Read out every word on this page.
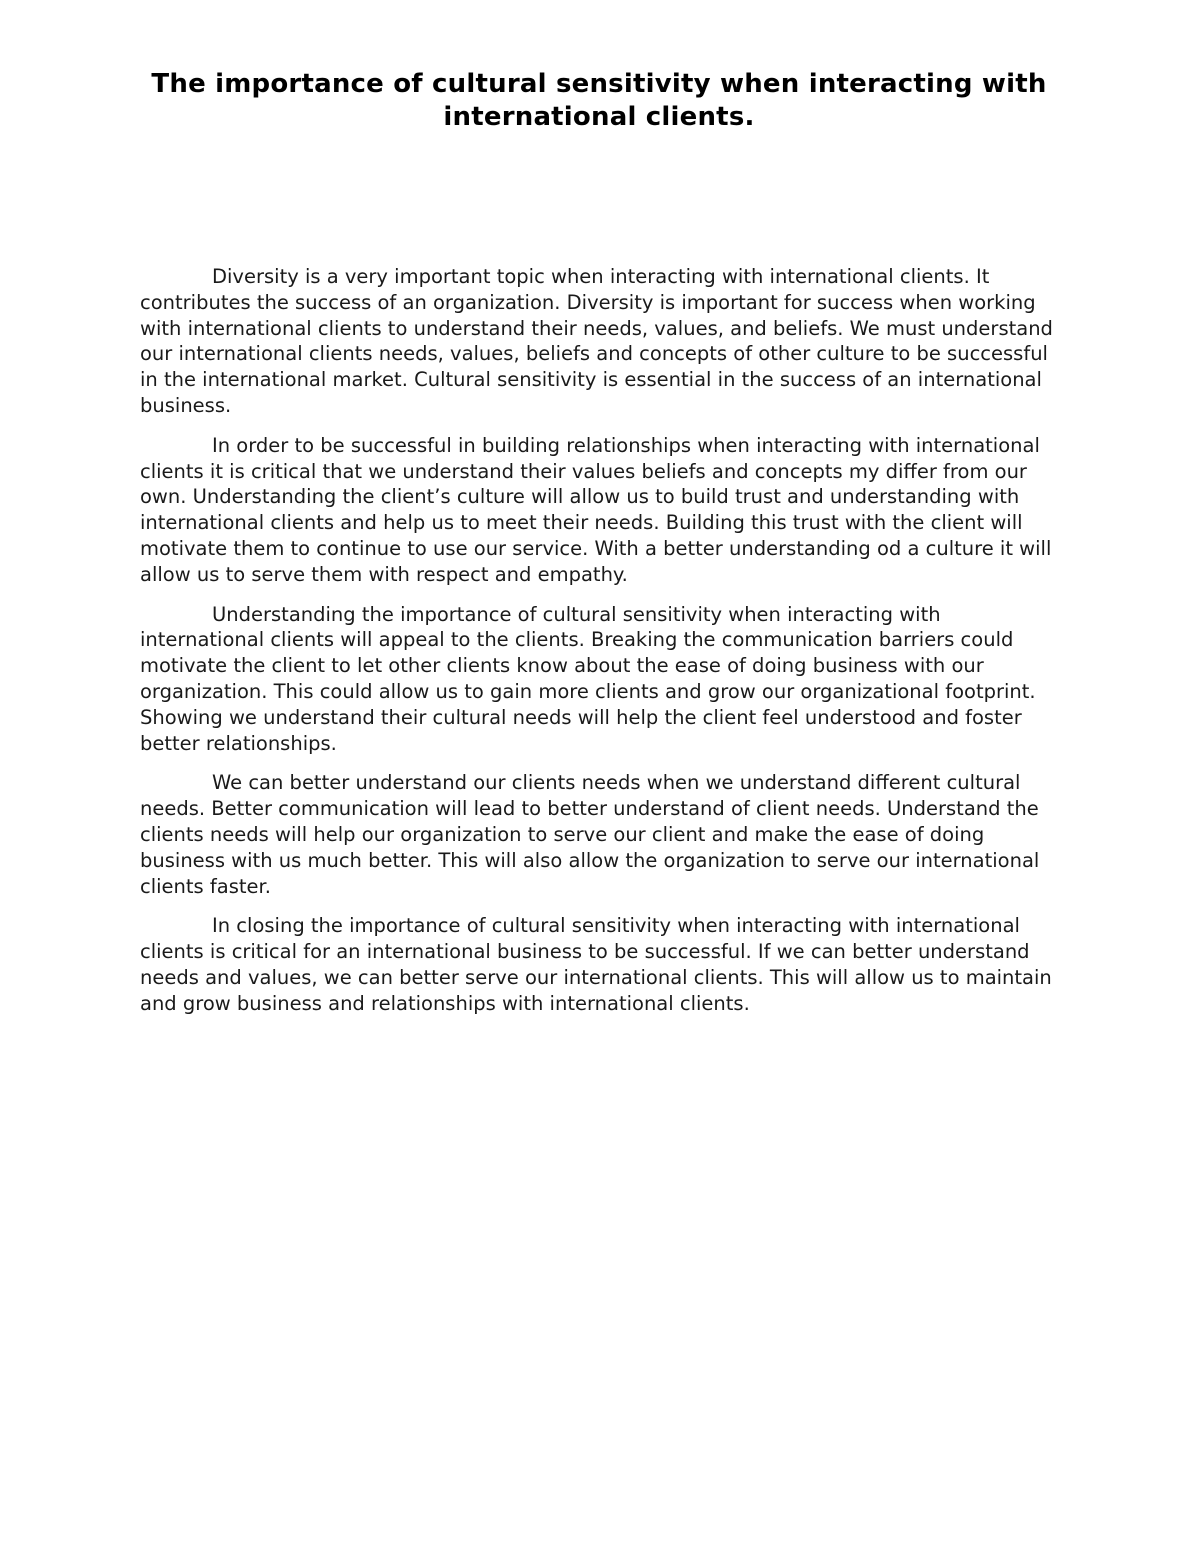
The importance of cultural sensitivity when interacting with international clients.

Diversity is a very important topic when interacting with international clients. It contributes the success of an organization. Diversity is important for success when working with international clients to understand their needs, values, and beliefs. We must understand our international clients needs, values, beliefs and concepts of other culture to be successful in the international market. Cultural sensitivity is essential in the success of an international business.

In order to be successful in building relationships when interacting with international clients it is critical that we understand their values beliefs and concepts my differ from our own. Understanding the client’s culture will allow us to build trust and understanding with international clients and help us to meet their needs. Building this trust with the client will motivate them to continue to use our service. With a better understanding od a culture it will allow us to serve them with respect and empathy.

Understanding the importance of cultural sensitivity when interacting with international clients will appeal to the clients. Breaking the communication barriers could motivate the client to let other clients know about the ease of doing business with our organization. This could allow us to gain more clients and grow our organizational footprint. Showing we understand their cultural needs will help the client feel understood and foster better relationships.

We can better understand our clients needs when we understand different cultural needs. Better communication will lead to better understand of client needs. Understand the clients needs will help our organization to serve our client and make the ease of doing business with us much better. This will also allow the organization to serve our international clients faster.

In closing the importance of cultural sensitivity when interacting with international clients is critical for an international business to be successful. If we can better understand needs and values, we can better serve our international clients. This will allow us to maintain and grow business and relationships with international clients.
